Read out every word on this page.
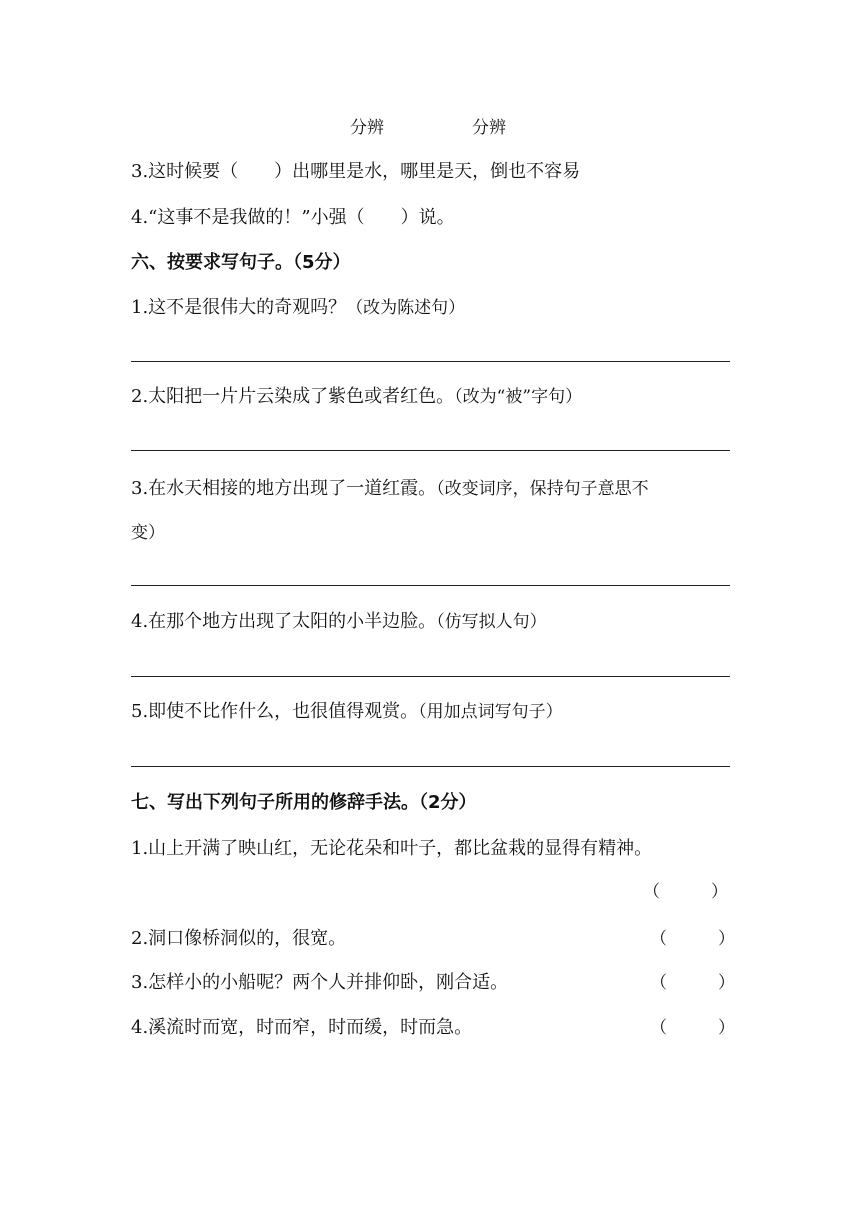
分辨	分辨
3.这时候要（　　）出哪里是水，哪里是天，倒也不容易
4.“这事不是我做的！”小强（　　）说。
六、按要求写句子。（5分）
1.这不是很伟大的奇观吗？（改为陈述句）
2.太阳把一片片云染成了紫色或者红色。（改为“被”字句）
3.在水天相接的地方出现了一道红霞。（改变词序，保持句子意思不
变）
4.在那个地方出现了太阳的小半边脸。（仿写拟人句）
5.即使不比作什么，也很值得观赏。（用加点词写句子）
七、写出下列句子所用的修辞手法。（2分）
1.山上开满了映山红，无论花朵和叶子，都比盆栽的显得有精神。
（　　　）
2.洞口像桥洞似的，很宽。	（　　　）
3.怎样小的小船呢？两个人并排仰卧，刚合适。	（　　　）
4.溪流时而宽，时而窄，时而缓，时而急。	（　　　）
